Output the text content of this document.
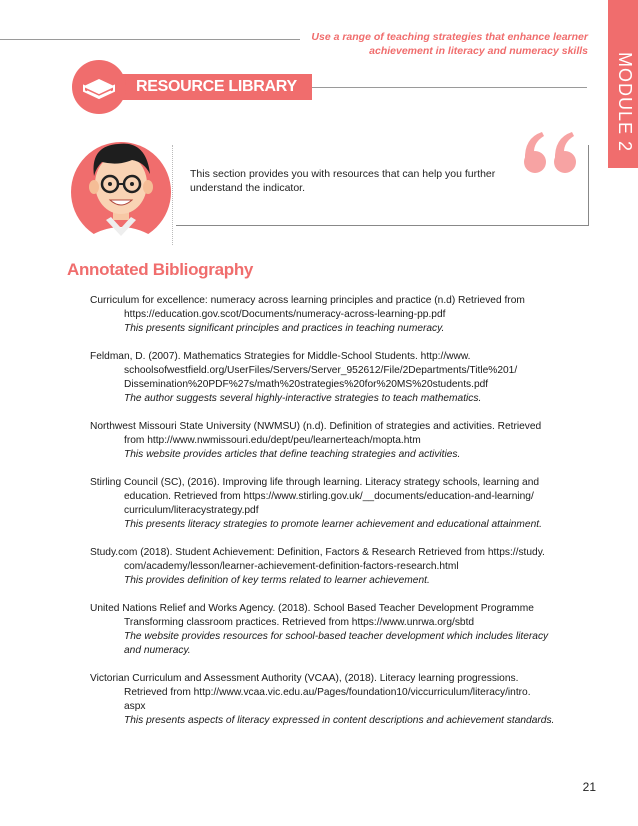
Use a range of teaching strategies that enhance learner
achievement in literacy and numeracy skills
MODULE 2
RESOURCE LIBRARY
This section provides you with resources that can help you further
understand the indicator.
Annotated Bibliography
Curriculum for excellence: numeracy across learning principles and practice (n.d) Retrieved from
https://education.gov.scot/Documents/numeracy-across-learning-pp.pdf
This presents significant principles and practices in teaching numeracy.
Feldman, D. (2007). Mathematics Strategies for Middle-School Students. http://www.
schoolsofwestfield.org/UserFiles/Servers/Server_952612/File/2Departments/Title%201/
Dissemination%20PDF%27s/math%20strategies%20for%20MS%20students.pdf
The author suggests several highly-interactive strategies to teach mathematics.
Northwest Missouri State University (NWMSU) (n.d). Definition of strategies and activities. Retrieved
from http://www.nwmissouri.edu/dept/peu/learnerteach/mopta.htm
This website provides articles that define teaching strategies and activities.
Stirling Council (SC), (2016). Improving life through learning. Literacy strategy schools, learning and
education. Retrieved from https://www.stirling.gov.uk/__documents/education-and-learning/
curriculum/literacystrategy.pdf
This presents literacy strategies to promote learner achievement and educational attainment.
Study.com (2018). Student Achievement: Definition, Factors & Research Retrieved from https://study.
com/academy/lesson/learner-achievement-definition-factors-research.html
This provides definition of key terms related to learner achievement.
United Nations Relief and Works Agency. (2018). School Based Teacher Development Programme
Transforming classroom practices. Retrieved from https://www.unrwa.org/sbtd
The website provides resources for school-based teacher development which includes literacy
and numeracy.
Victorian Curriculum and Assessment Authority (VCAA), (2018). Literacy learning progressions.
Retrieved from http://www.vcaa.vic.edu.au/Pages/foundation10/viccurriculum/literacy/intro.
aspx
This presents aspects of literacy expressed in content descriptions and achievement standards.
21
